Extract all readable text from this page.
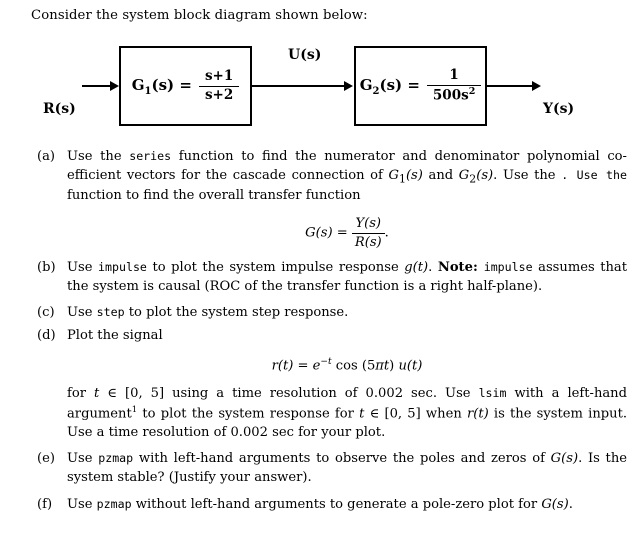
Consider the system block diagram shown below:
R(s)
U(s)
Y(s)
$G_1(s) = \frac{s+1}{s+2}$	$G_2(s) = \frac{1}{500s^2}$
(a) Use the series function to find the numerator and denominator polynomial co-efficient vectors for the cascade connection of $G_1(s)$ and $G_2(s)$. Use the . Use the function to find the overall transfer function
$G(s) = \frac{Y(s)}{R(s)}$ .
(b) Use impulse to plot the system impulse response g(t). Note: impulse assumes that the system is causal (ROC of the transfer function is a right half-plane).
(c) Use step to plot the system step response.
(d) Plot the signal
$r(t) = e^{-t}$ cos (5πt) u(t)
for t ∈ [0, 5] using a time resolution of 0.002 sec. Use lsim with a left-hand argument$^1$ to plot the system response for t ∈ [0, 5] when r(t) is the system input. Use a time resolution of 0.002 sec for your plot.
(e) Use pzmap with left-hand arguments to observe the poles and zeros of G(s). Is the system stable? (Justify your answer).
(f) Use pzmap without left-hand arguments to generate a pole-zero plot for G(s).
